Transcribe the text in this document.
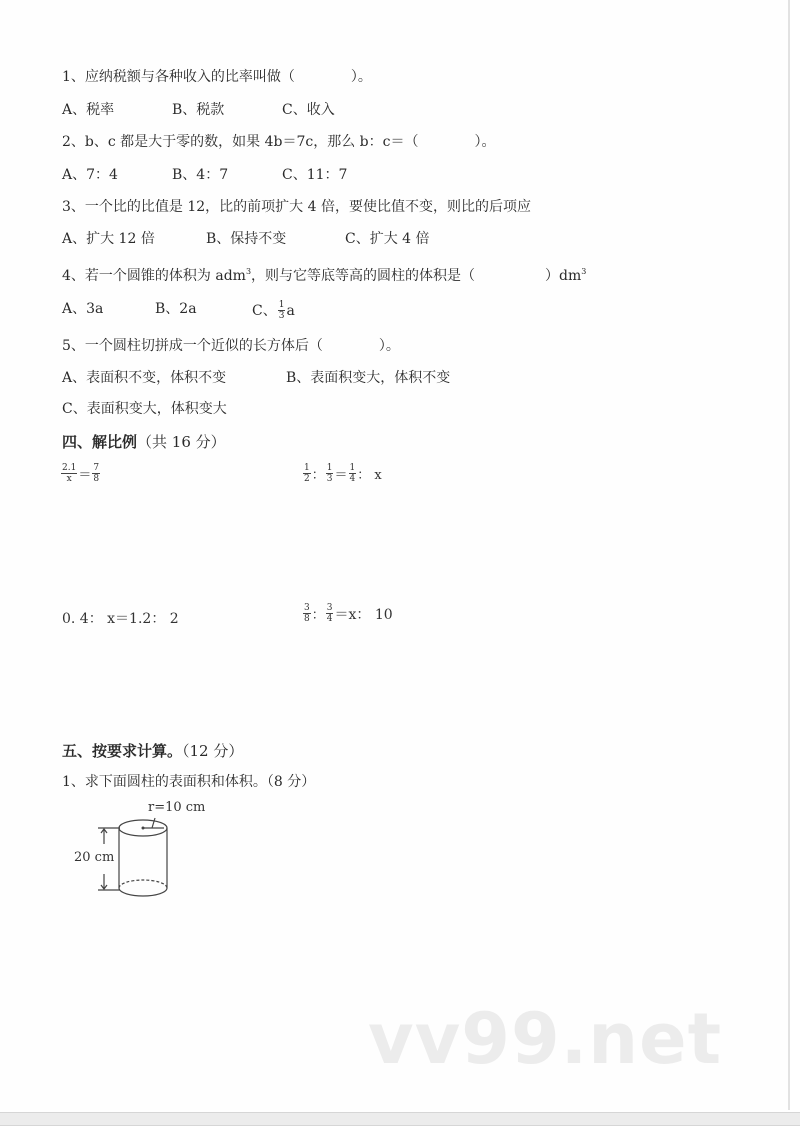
1、应纳税额与各种收入的比率叫做（　　　　）。
A、税率	B、税款	C、收入
2、b、c 都是大于零的数，如果 4b＝7c，那么 b：c＝（　　　　）。
A、7：4	B、4：7	C、11：7
3、一个比的比值是 12，比的前项扩大 4 倍，要使比值不变，则比的后项应
A、扩大 12 倍	B、保持不变	C、扩大 4 倍
4、若一个圆锥的体积为 adm$^3$，则与它等底等高的圆柱的体积是（　　　　　）$dm^3$
A、3a	B、2a	C、 $\frac{1}{3}$ a
5、一个圆柱切拼成一个近似的长方体后（　　　　）。
A、表面积不变，体积不变	B、表面积变大，体积不变
C、表面积变大，体积变大
四、解比例（共 16 分）
$\frac{2.1}{x} = \frac{7}{8}$	$\frac{1}{2}$ ： $\frac{1}{3} = \frac{1}{4}$ ： x
0. 4： x＝1.2： 2	$\frac{3}{8}$ ： $\frac{3}{4} =x$： 10
五、按要求计算。（12 分）
1、求下面圆柱的表面积和体积。（8 分）
r=10 cm
20 cm
vv99.net
